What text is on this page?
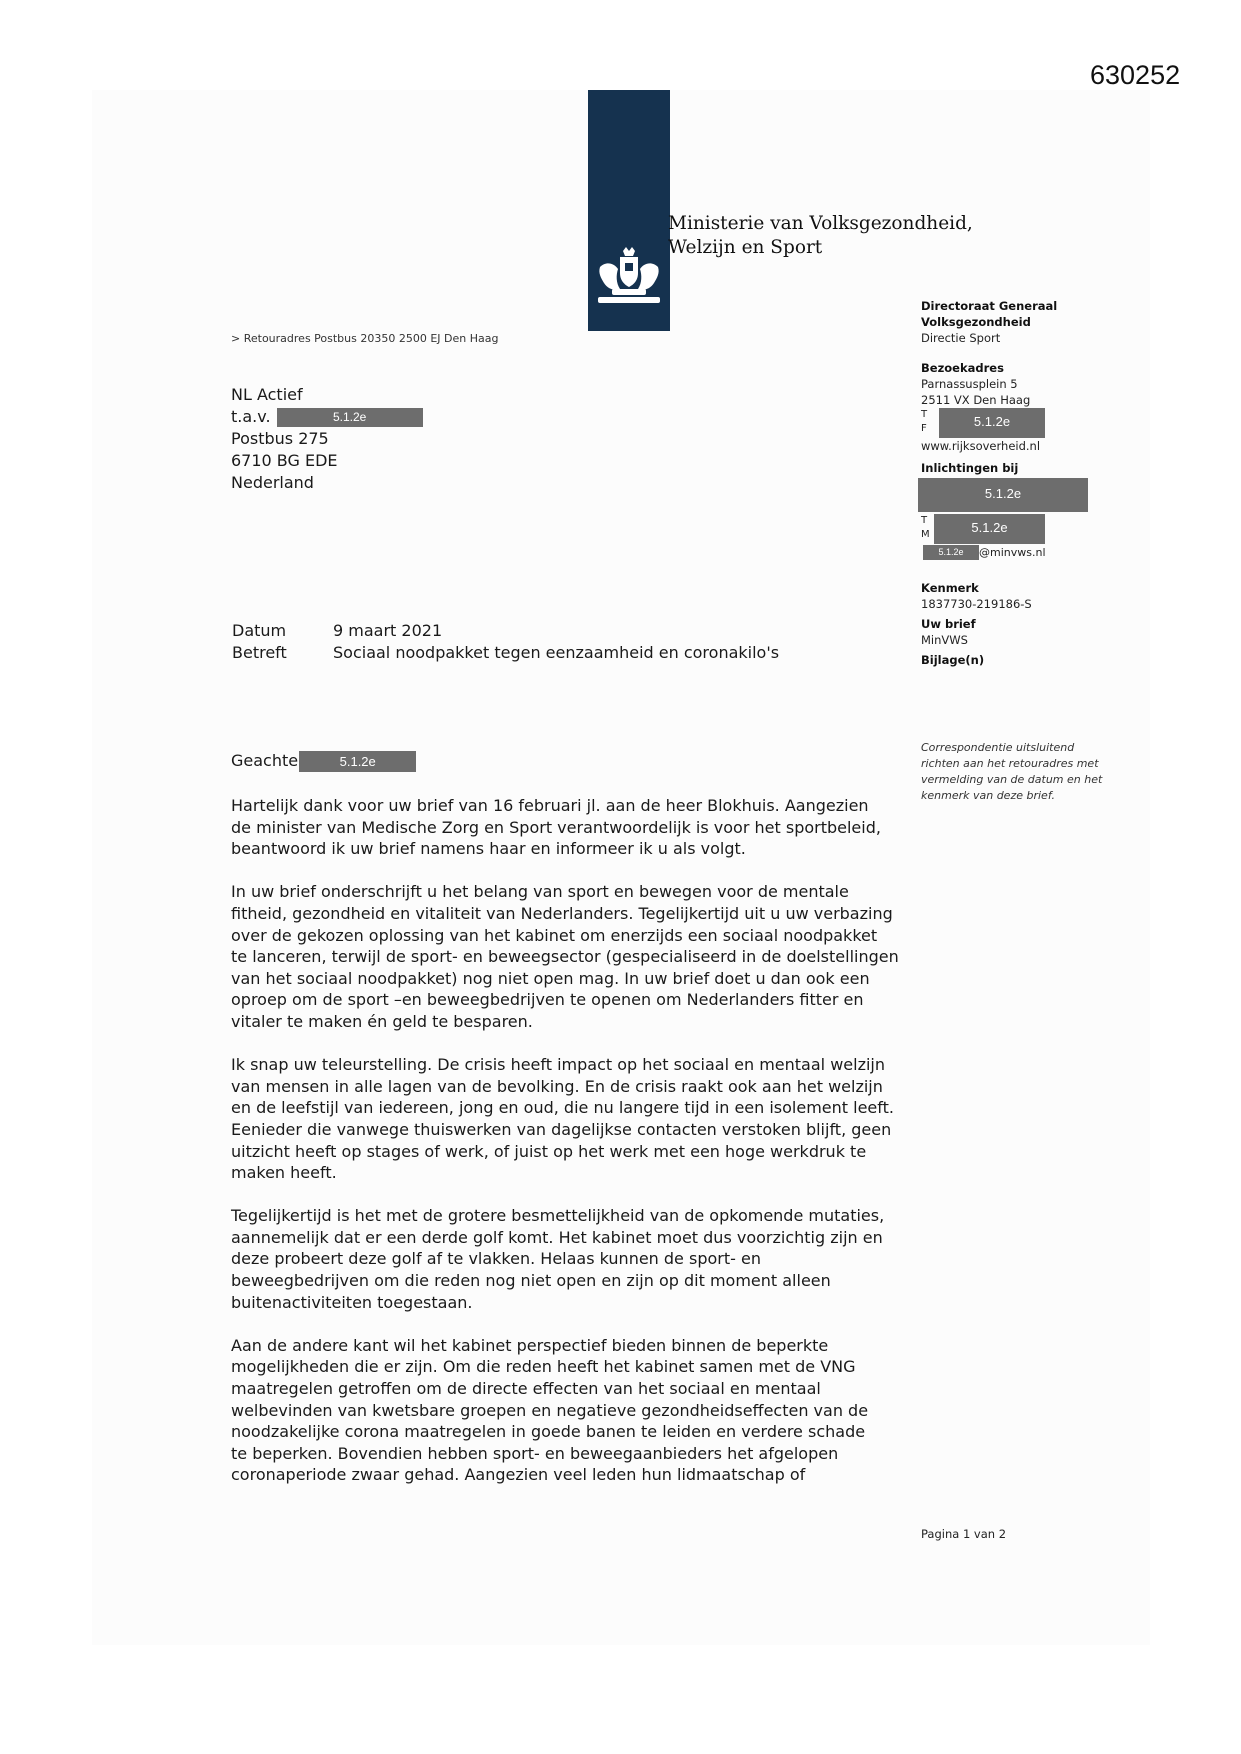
630252
Ministerie van Volksgezondheid,
Welzijn en Sport
> Retouradres Postbus 20350 2500 EJ Den Haag
NL Actief
t.a.v.	5.1.2e
Postbus 275
6710 BG EDE
Nederland
Datum	9 maart 2021
Betreft	Sociaal noodpakket tegen eenzaamheid en coronakilo's
Geachte	5.1.2e

Hartelijk dank voor uw brief van 16 februari jl. aan de heer Blokhuis. Aangezien
de minister van Medische Zorg en Sport verantwoordelijk is voor het sportbeleid,
beantwoord ik uw brief namens haar en informeer ik u als volgt.

In uw brief onderschrijft u het belang van sport en bewegen voor de mentale
fitheid, gezondheid en vitaliteit van Nederlanders. Tegelijkertijd uit u uw verbazing
over de gekozen oplossing van het kabinet om enerzijds een sociaal noodpakket
te lanceren, terwijl de sport- en beweegsector (gespecialiseerd in de doelstellingen
van het sociaal noodpakket) nog niet open mag. In uw brief doet u dan ook een
oproep om de sport –en beweegbedrijven te openen om Nederlanders fitter en
vitaler te maken én geld te besparen.

Ik snap uw teleurstelling. De crisis heeft impact op het sociaal en mentaal welzijn
van mensen in alle lagen van de bevolking. En de crisis raakt ook aan het welzijn
en de leefstijl van iedereen, jong en oud, die nu langere tijd in een isolement leeft.
Eenieder die vanwege thuiswerken van dagelijkse contacten verstoken blijft, geen
uitzicht heeft op stages of werk, of juist op het werk met een hoge werkdruk te
maken heeft.

Tegelijkertijd is het met de grotere besmettelijkheid van de opkomende mutaties,
aannemelijk dat er een derde golf komt. Het kabinet moet dus voorzichtig zijn en
deze probeert deze golf af te vlakken. Helaas kunnen de sport- en
beweegbedrijven om die reden nog niet open en zijn op dit moment alleen
buitenactiviteiten toegestaan.

Aan de andere kant wil het kabinet perspectief bieden binnen de beperkte
mogelijkheden die er zijn. Om die reden heeft het kabinet samen met de VNG
maatregelen getroffen om de directe effecten van het sociaal en mentaal
welbevinden van kwetsbare groepen en negatieve gezondheidseffecten van de
noodzakelijke corona maatregelen in goede banen te leiden en verdere schade
te beperken. Bovendien hebben sport- en beweegaanbieders het afgelopen
coronaperiode zwaar gehad. Aangezien veel leden hun lidmaatschap of

Directoraat Generaal
Volksgezondheid
Directie Sport
Bezoekadres
Parnassusplein 5
2511 VX Den Haag
T
F	5.1.2e
www.rijksoverheid.nl
Inlichtingen bij
5.1.2e
T
M	5.1.2e
5.1.2e @minvws.nl
Kenmerk
1837730-219186-S
Uw brief
MinVWS
Bijlage(n)
Correspondentie uitsluitend richten aan het retouradres met vermelding van de datum en het kenmerk van deze brief.
Pagina 1 van 2
